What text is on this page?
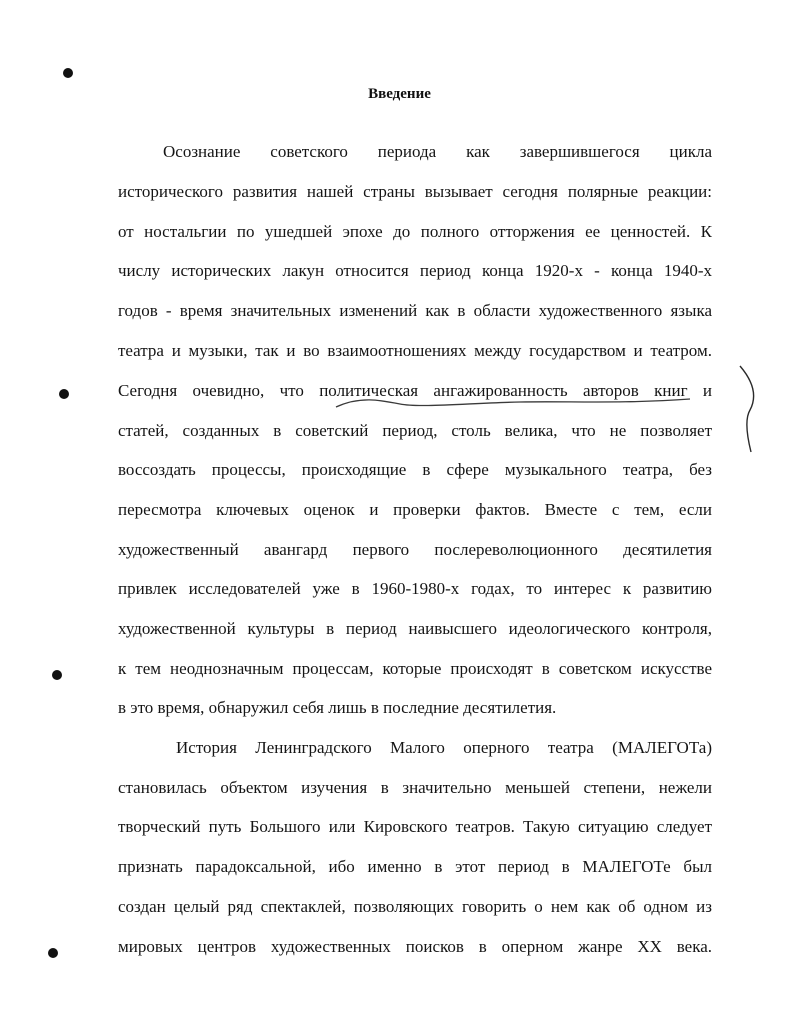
Введение
Осознание советского периода как завершившегося цикла
исторического развития нашей страны вызывает сегодня полярные реакции:
от ностальгии по ушедшей эпохе до полного отторжения ее ценностей. К
числу исторических лакун относится период конца 1920-х - конца 1940-х
годов - время значительных изменений как в области художественного языка
театра и музыки, так и во взаимоотношениях между государством и театром.
Сегодня очевидно, что политическая ангажированность авторов книг и
статей, созданных в советский период, столь велика, что не позволяет
воссоздать процессы, происходящие в сфере музыкального театра, без
пересмотра ключевых оценок и проверки фактов. Вместе с тем, если
художественный авангард первого послереволюционного десятилетия
привлек исследователей уже в 1960-1980-х годах, то интерес к развитию
художественной культуры в период наивысшего идеологического контроля,
к тем неоднозначным процессам, которые происходят в советском искусстве
в это время, обнаружил себя лишь в последние десятилетия.
История Ленинградского Малого оперного театра (МАЛЕГОТа)
становилась объектом изучения в значительно меньшей степени, нежели
творческий путь Большого или Кировского театров. Такую ситуацию следует
признать парадоксальной, ибо именно в этот период в МАЛЕГОТе был
создан целый ряд спектаклей, позволяющих говорить о нем как об одном из
мировых центров художественных поисков в оперном жанре XX века.
